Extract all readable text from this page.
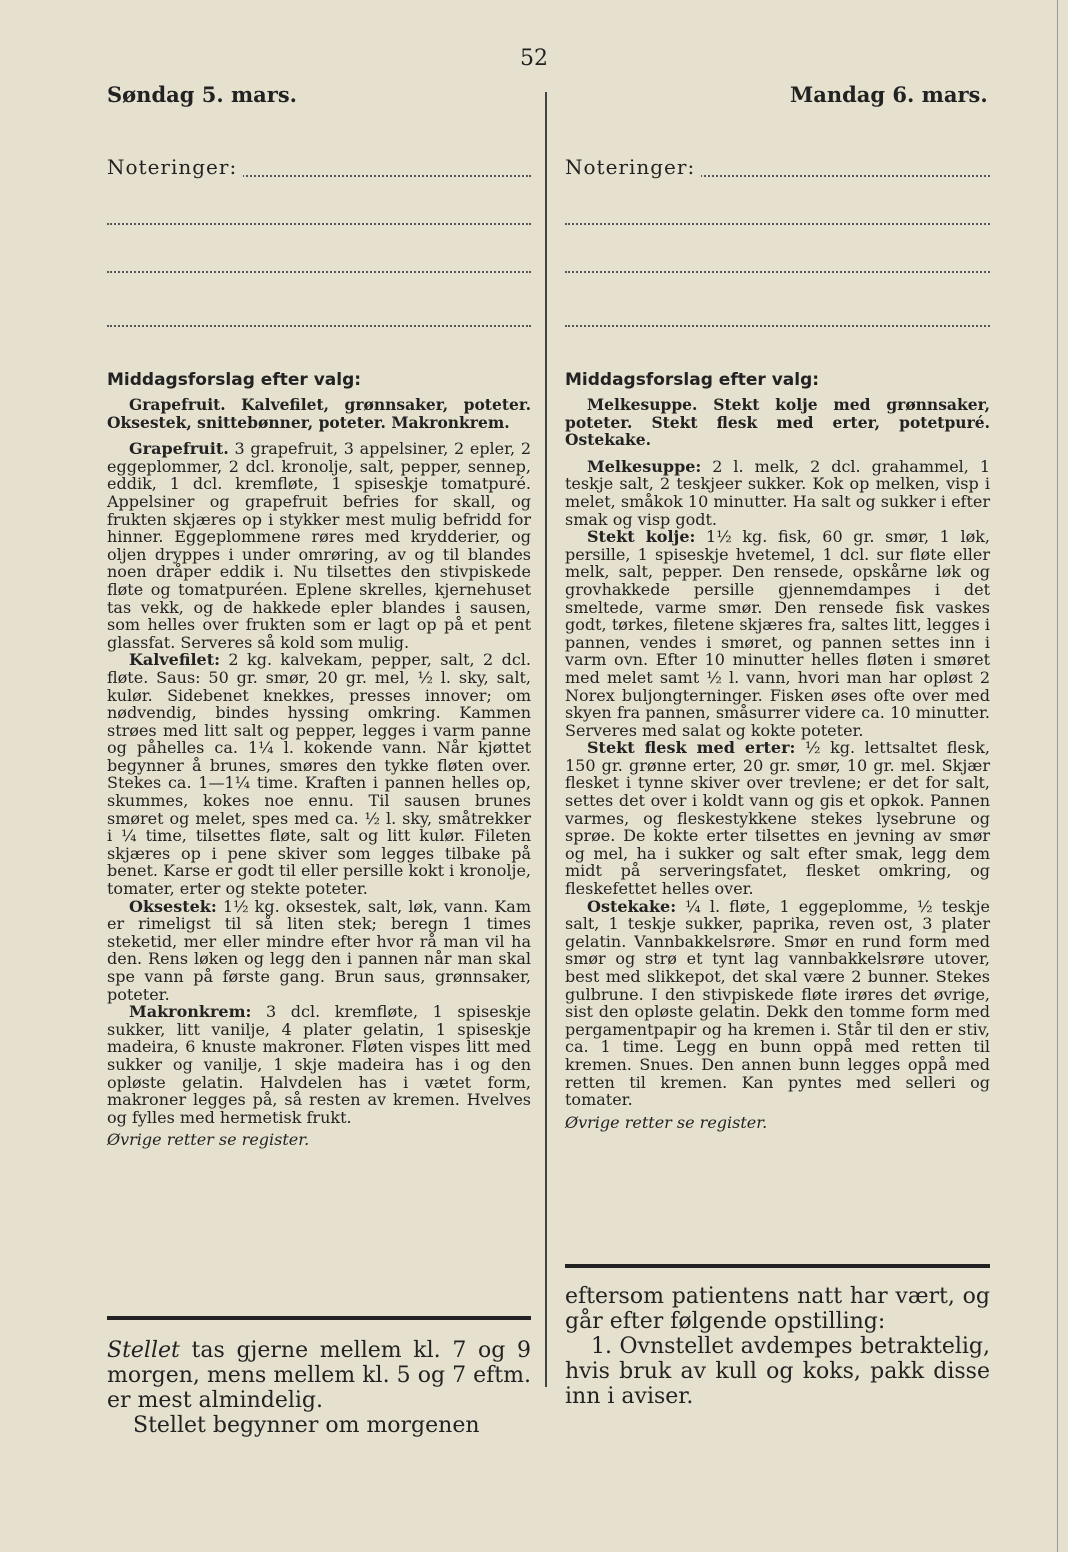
52
Søndag 5. mars.
Noteringer:
Middagsforslag efter valg:

Grapefruit. Kalvefilet, grønnsaker, poteter. Oksestek, snittebønner, poteter. Makronkrem.

Grapefruit. 3 grapefruit, 3 appelsiner, 2 epler, 2 eggeplommer, 2 dcl. kronolje, salt, pepper, sennep, eddik, 1 dcl. kremfløte, 1 spiseskje tomatpuré. Appelsiner og grapefruit befries for skall, og frukten skjæres op i stykker mest mulig befridd for hinner. Eggeplommene røres med krydderier, og oljen dryppes i under omrøring, av og til blandes noen dråper eddik i. Nu tilsettes den stivpiskede fløte og tomatpuréen. Eplene skrelles, kjernehuset tas vekk, og de hakkede epler blandes i sausen, som helles over frukten som er lagt op på et pent glassfat. Serveres så kold som mulig.

Kalvefilet: 2 kg. kalvekam, pepper, salt, 2 dcl. fløte. Saus: 50 gr. smør, 20 gr. mel, ½ l. sky, salt, kulør. Sidebenet knekkes, presses innover; om nødvendig, bindes hyssing omkring. Kammen strøes med litt salt og pepper, legges i varm panne og påhelles ca. 1¼ l. kokende vann. Når kjøttet begynner å brunes, smøres den tykke fløten over. Stekes ca. 1—1¼ time. Kraften i pannen helles op, skummes, kokes noe ennu. Til sausen brunes smøret og melet, spes med ca. ½ l. sky, småtrekker i ¼ time, tilsettes fløte, salt og litt kulør. Fileten skjæres op i pene skiver som legges tilbake på benet. Karse er godt til eller persille kokt i kronolje, tomater, erter og stekte poteter.

Oksestek: 1½ kg. oksestek, salt, løk, vann. Kam er rimeligst til så liten stek; beregn 1 times steketid, mer eller mindre efter hvor rå man vil ha den. Rens løken og legg den i pannen når man skal spe vann på første gang. Brun saus, grønnsaker, poteter.

Makronkrem: 3 dcl. kremfløte, 1 spiseskje sukker, litt vanilje, 4 plater gelatin, 1 spiseskje madeira, 6 knuste makroner. Fløten vispes litt med sukker og vanilje, 1 skje madeira has i og den opløste gelatin. Halvdelen has i vætet form, makroner legges på, så resten av kremen. Hvelves og fylles med hermetisk frukt.

Øvrige retter se register.

Stellet tas gjerne mellem kl. 7 og 9 morgen, mens mellem kl. 5 og 7 eftm. er mest almindelig.

Stellet begynner om morgenen

Mandag 6. mars.
Noteringer:
Middagsforslag efter valg:

Melkesuppe. Stekt kolje med grønnsaker, poteter. Stekt flesk med erter, potetpuré. Ostekake.

Melkesuppe: 2 l. melk, 2 dcl. grahammel, 1 teskje salt, 2 teskjeer sukker. Kok op melken, visp i melet, småkok 10 minutter. Ha salt og sukker i efter smak og visp godt.

Stekt kolje: 1½ kg. fisk, 60 gr. smør, 1 løk, persille, 1 spiseskje hvetemel, 1 dcl. sur fløte eller melk, salt, pepper. Den rensede, opskårne løk og grovhakkede persille gjennemdampes i det smeltede, varme smør. Den rensede fisk vaskes godt, tørkes, filetene skjæres fra, saltes litt, legges i pannen, vendes i smøret, og pannen settes inn i varm ovn. Efter 10 minutter helles fløten i smøret med melet samt ½ l. vann, hvori man har opløst 2 Norex buljongterninger. Fisken øses ofte over med skyen fra pannen, småsurrer videre ca. 10 minutter. Serveres med salat og kokte poteter.

Stekt flesk med erter: ½ kg. lettsaltet flesk, 150 gr. grønne erter, 20 gr. smør, 10 gr. mel. Skjær flesket i tynne skiver over trevlene; er det for salt, settes det over i koldt vann og gis et opkok. Pannen varmes, og fleskestykkene stekes lysebrune og sprøe. De kokte erter tilsettes en jevning av smør og mel, ha i sukker og salt efter smak, legg dem midt på serveringsfatet, flesket omkring, og fleskefettet helles over.

Ostekake: ¼ l. fløte, 1 eggeplomme, ½ teskje salt, 1 teskje sukker, paprika, reven ost, 3 plater gelatin. Vannbakkelsrøre. Smør en rund form med smør og strø et tynt lag vannbakkelsrøre utover, best med slikkepot, det skal være 2 bunner. Stekes gulbrune. I den stivpiskede fløte irøres det øvrige, sist den opløste gelatin. Dekk den tomme form med pergamentpapir og ha kremen i. Står til den er stiv, ca. 1 time. Legg en bunn oppå med retten til kremen. Snues. Den annen bunn legges oppå med retten til kremen. Kan pyntes med selleri og tomater.

Øvrige retter se register.

eftersom patientens natt har vært, og går efter følgende opstilling:

1. Ovnstellet avdempes betraktelig, hvis bruk av kull og koks, pakk disse inn i aviser.
